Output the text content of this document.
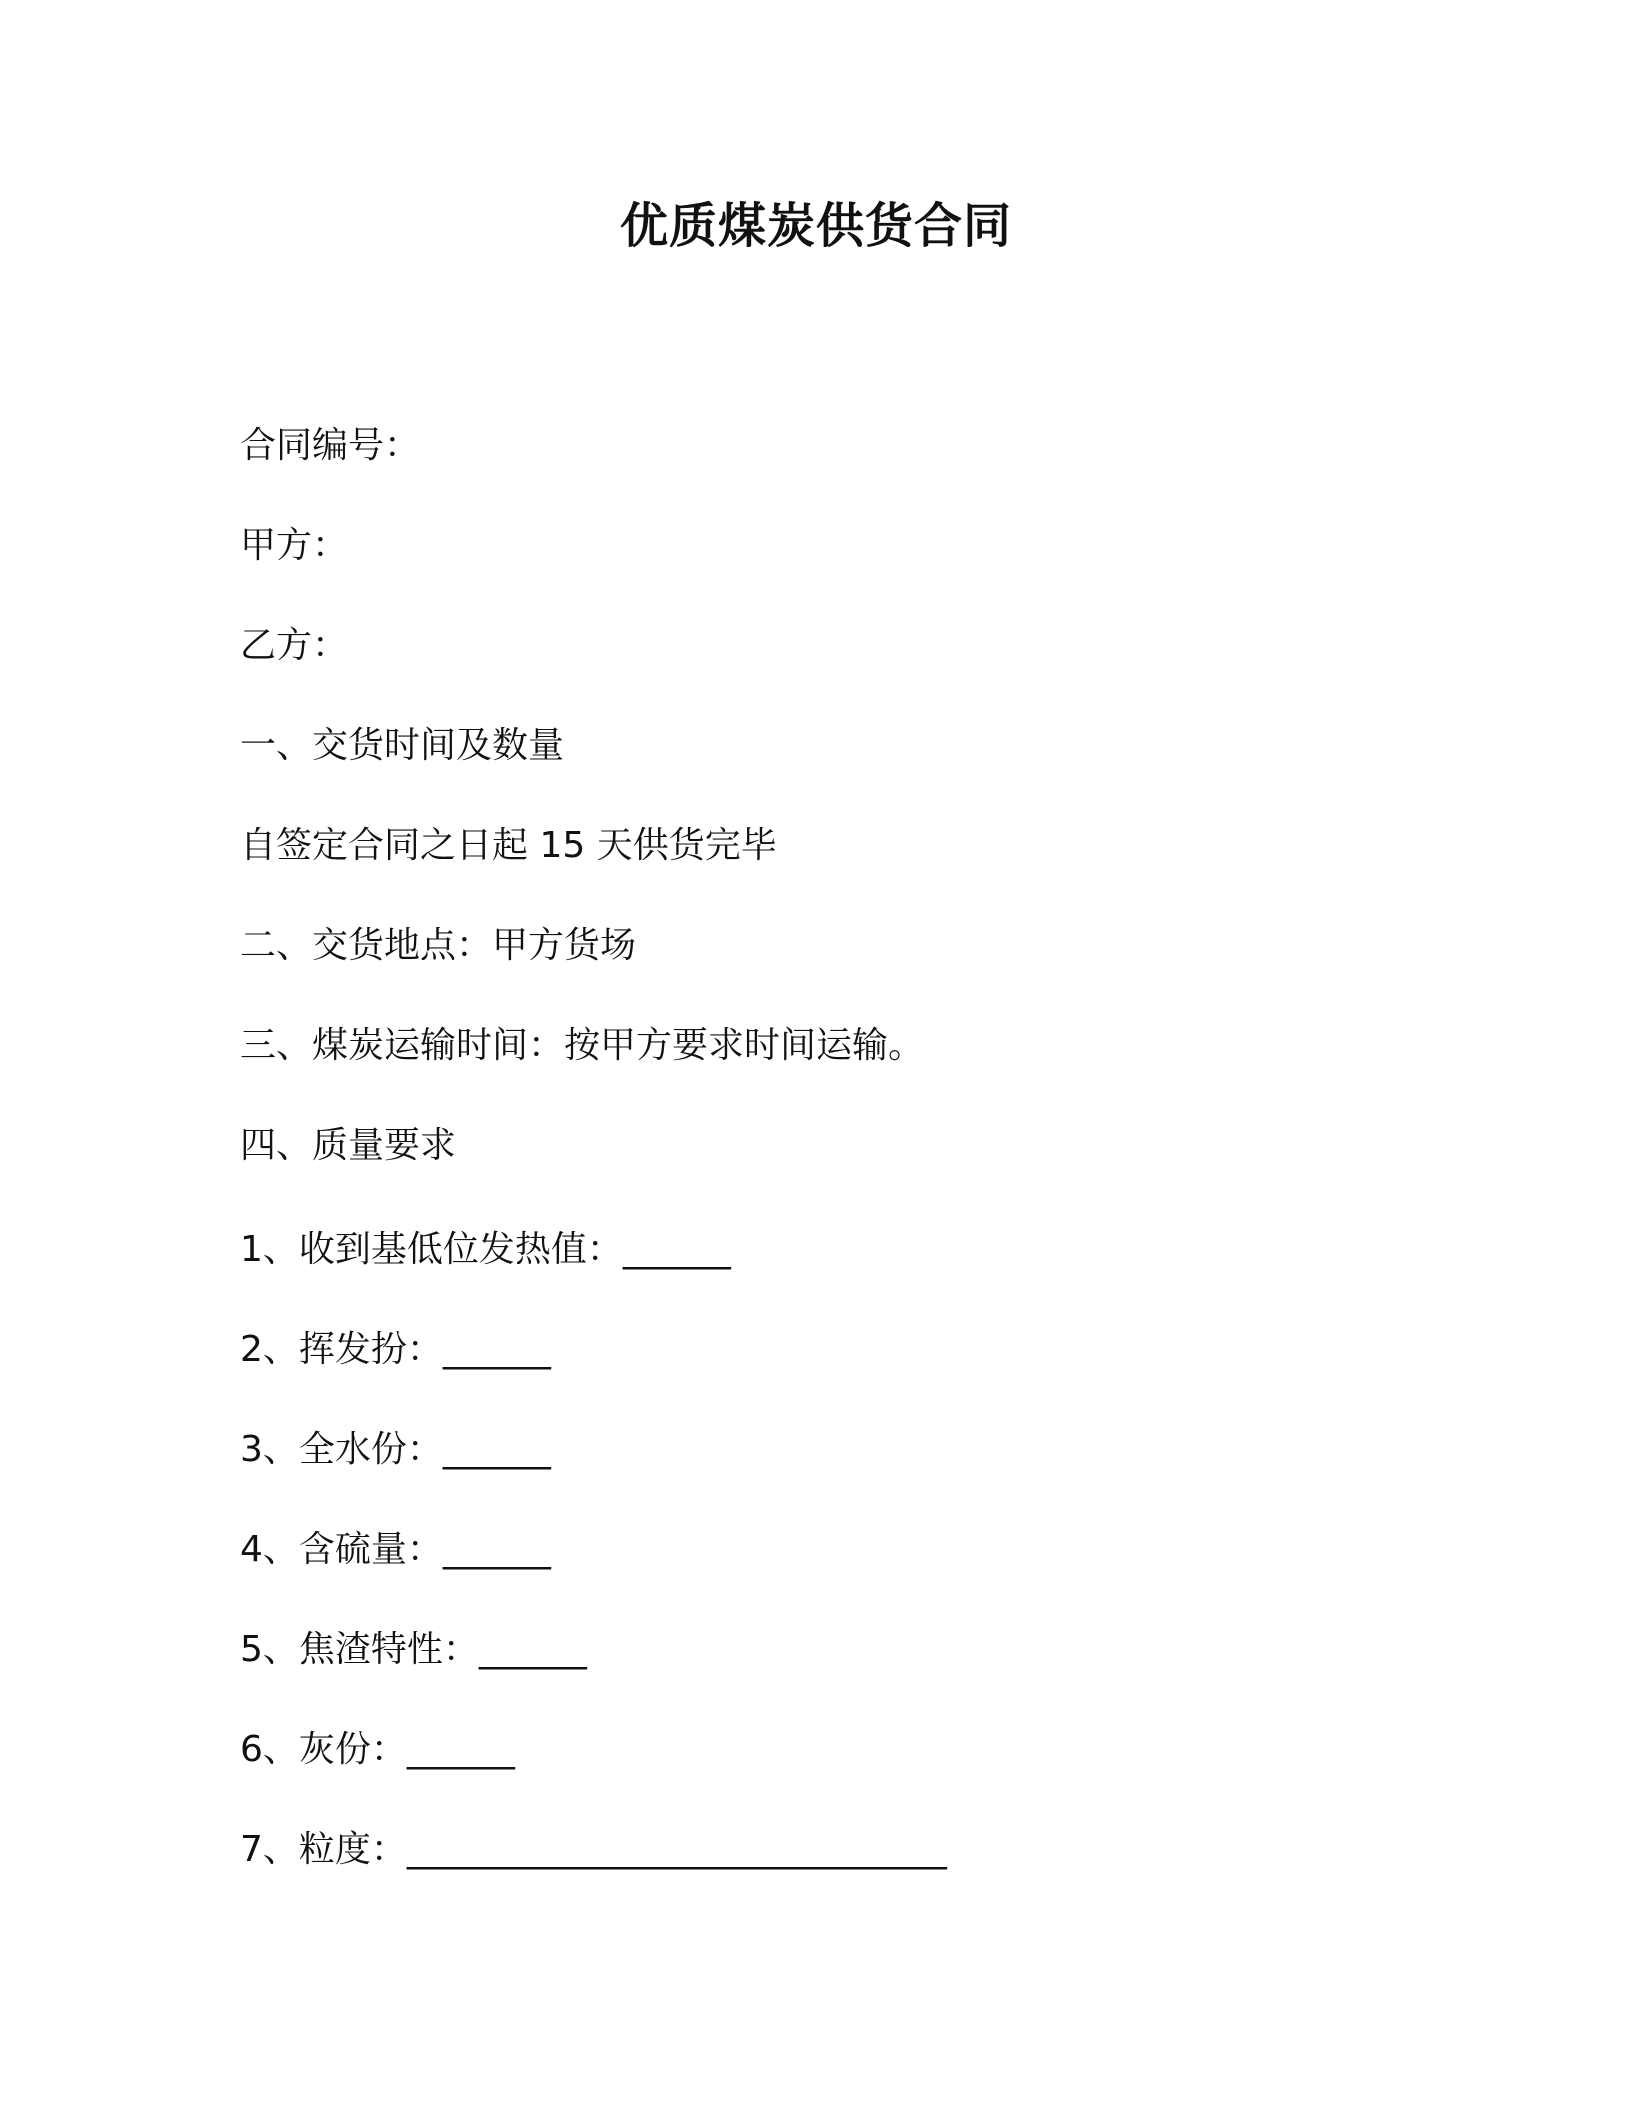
优质煤炭供货合同
合同编号：
甲方：
乙方：
一、交货时间及数量
自签定合同之日起 15 天供货完毕
二、交货地点：甲方货场
三、煤炭运输时间：按甲方要求时间运输。
四、质量要求
1、收到基低位发热值：______
2、挥发扮：______
3、全水份：______
4、含硫量：______
5、焦渣特性：______
6、灰份：______
7、粒度：______________________________
